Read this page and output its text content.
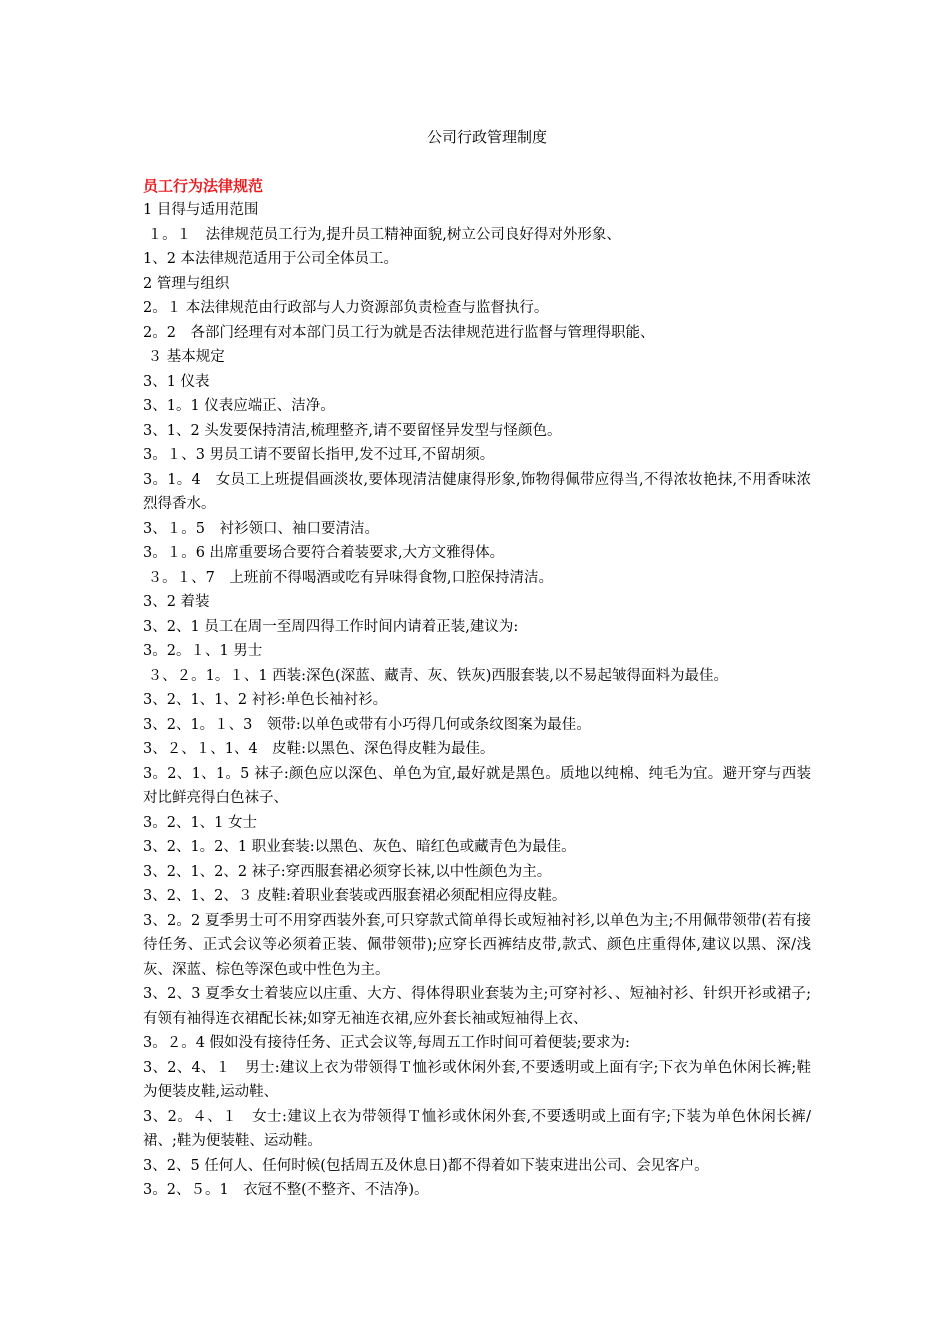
公司行政管理制度
员工行为法律规范

1 目得与适用范围

１。１　法律规范员工行为,提升员工精神面貌,树立公司良好得对外形象、

1、2 本法律规范适用于公司全体员工。

2 管理与组织

2。１ 本法律规范由行政部与人力资源部负责检查与监督执行。

2。2　各部门经理有对本部门员工行为就是否法律规范进行监督与管理得职能、

３ 基本规定

3、1 仪表

3、1。1 仪表应端正、洁净。

3、1、2 头发要保持清洁,梳理整齐,请不要留怪异发型与怪颜色。

3。１、3 男员工请不要留长指甲,发不过耳,不留胡须。

3。1。4　女员工上班提倡画淡妆,要体现清洁健康得形象,饰物得佩带应得当,不得浓妆艳抹,不用香味浓烈得香水。

3、１。5　衬衫领口、袖口要清洁。

3。１。6 出席重要场合要符合着装要求,大方文雅得体。

３。１、7　上班前不得喝酒或吃有异味得食物,口腔保持清洁。

3、2 着装

3、2、1 员工在周一至周四得工作时间内请着正装,建议为:

3。2。１、1 男士

３、２。1。１、1 西装:深色(深蓝、藏青、灰、铁灰)西服套装,以不易起皱得面料为最佳。

3、2、1、1、2 衬衫:单色长袖衬衫。

3、2、1。１、3　领带:以单色或带有小巧得几何或条纹图案为最佳。

3、２、１、1、4　皮鞋:以黑色、深色得皮鞋为最佳。

3。2、1、1。5 袜子:颜色应以深色、单色为宜,最好就是黑色。质地以纯棉、纯毛为宜。避开穿与西装对比鲜亮得白色袜子、

3。2、1、1 女士

3、2、1。2、1 职业套装:以黑色、灰色、暗红色或藏青色为最佳。

3、2、1、2、2 袜子:穿西服套裙必须穿长袜,以中性颜色为主。

3、2、1、2、３ 皮鞋:着职业套装或西服套裙必须配相应得皮鞋。

3、2。2 夏季男士可不用穿西装外套,可只穿款式简单得长或短袖衬衫,以单色为主;不用佩带领带(若有接待任务、正式会议等必须着正装、佩带领带);应穿长西裤结皮带,款式、颜色庄重得体,建议以黑、深/浅灰、深蓝、棕色等深色或中性色为主。

3、2、3 夏季女士着装应以庄重、大方、得体得职业套装为主;可穿衬衫、、短袖衬衫、针织开衫或裙子;有领有袖得连衣裙配长袜;如穿无袖连衣裙,应外套长袖或短袖得上衣、

3。２。4 假如没有接待任务、正式会议等,每周五工作时间可着便装;要求为:

3、2、4、１　男士:建议上衣为带领得Ｔ恤衫或休闲外套,不要透明或上面有字;下衣为单色休闲长裤;鞋为便装皮鞋,运动鞋、

3、2。４、１　女士:建议上衣为带领得Ｔ恤衫或休闲外套,不要透明或上面有字;下装为单色休闲长裤/裙、;鞋为便装鞋、运动鞋。

3、2、5 任何人、任何时候(包括周五及休息日)都不得着如下装束进出公司、会见客户。

3。2、５。1　衣冠不整(不整齐、不洁净)。
